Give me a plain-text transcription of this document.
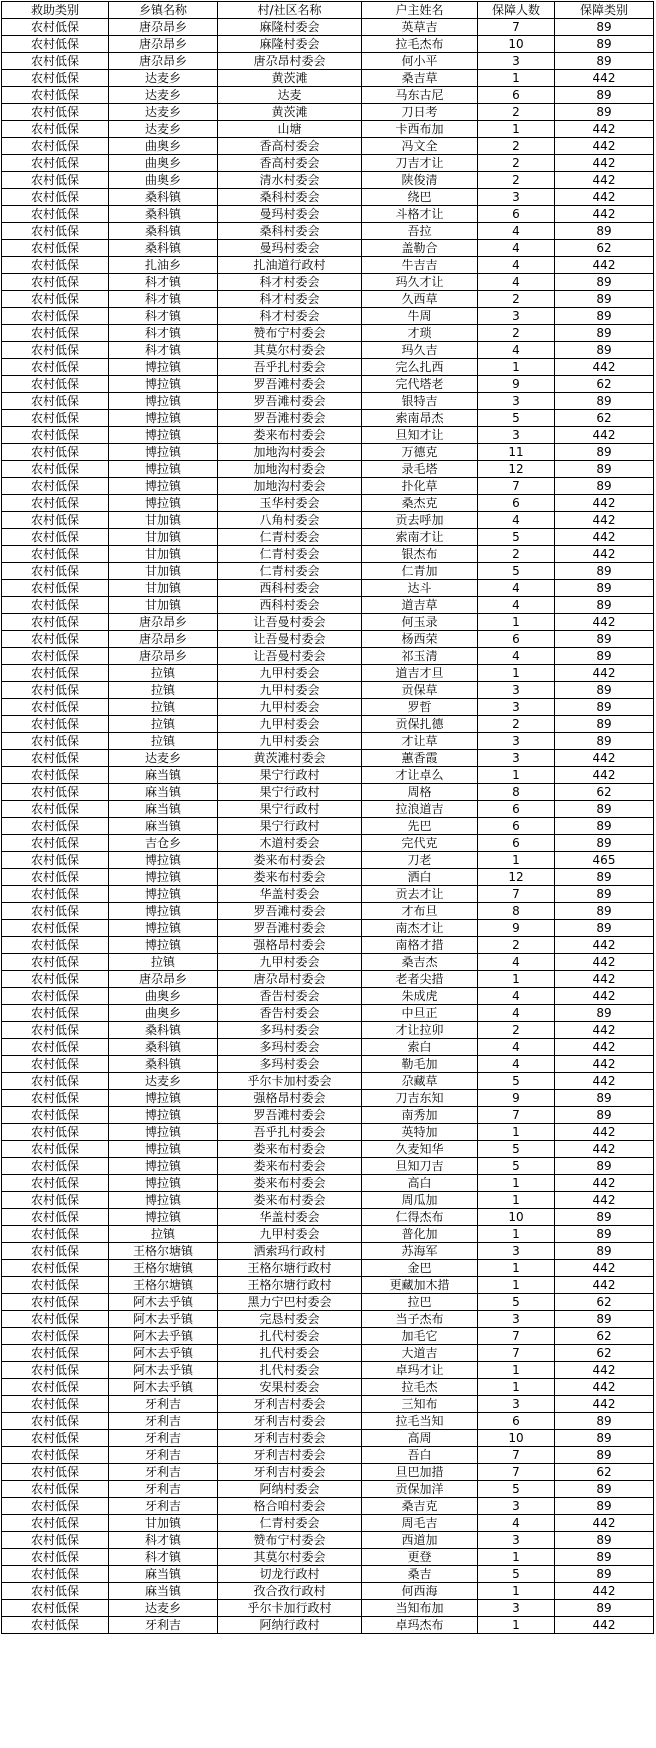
救助类别	乡镇名称	村/社区名称	户主姓名	保障人数	保障类别
农村低保	唐尕昂乡	麻隆村委会	英草吉	7	89
农村低保	唐尕昂乡	麻隆村委会	拉毛杰布	10	89
农村低保	唐尕昂乡	唐尕昂村委会	何小平	3	89
农村低保	达麦乡	黄茨滩	桑吉草	1	442
农村低保	达麦乡	达麦	马东古尼	6	89
农村低保	达麦乡	黄茨滩	刀日考	2	89
农村低保	达麦乡	山塘	卡西布加	1	442
农村低保	曲奥乡	香高村委会	冯文全	2	442
农村低保	曲奥乡	香高村委会	刀吉才让	2	442
农村低保	曲奥乡	清水村委会	陕俊清	2	442
农村低保	桑科镇	桑科村委会	绕巴	3	442
农村低保	桑科镇	曼玛村委会	斗格才让	6	442
农村低保	桑科镇	桑科村委会	吾拉	4	89
农村低保	桑科镇	曼玛村委会	盖勒合	4	62
农村低保	扎油乡	扎油道行政村	牛吉吉	4	442
农村低保	科才镇	科才村委会	玛久才让	4	89
农村低保	科才镇	科才村委会	久西草	2	89
农村低保	科才镇	科才村委会	牛周	3	89
农村低保	科才镇	赞布宁村委会	才琐	2	89
农村低保	科才镇	其莫尔村委会	玛久吉	4	89
农村低保	博拉镇	吾乎扎村委会	完么扎西	1	442
农村低保	博拉镇	罗吾滩村委会	完代塔老	9	62
农村低保	博拉镇	罗吾滩村委会	银特吉	3	89
农村低保	博拉镇	罗吾滩村委会	索南昂杰	5	62
农村低保	博拉镇	娄来布村委会	旦知才让	3	442
农村低保	博拉镇	加地沟村委会	万德克	11	89
农村低保	博拉镇	加地沟村委会	录毛塔	12	89
农村低保	博拉镇	加地沟村委会	扑化草	7	89
农村低保	博拉镇	玉华村委会	桑杰克	6	442
农村低保	甘加镇	八角村委会	贡去呼加	4	442
农村低保	甘加镇	仁青村委会	索南才让	5	442
农村低保	甘加镇	仁青村委会	银杰布	2	442
农村低保	甘加镇	仁青村委会	仁青加	5	89
农村低保	甘加镇	西科村委会	达斗	4	89
农村低保	甘加镇	西科村委会	道吉草	4	89
农村低保	唐尕昂乡	让吾曼村委会	何玉录	1	442
农村低保	唐尕昂乡	让吾曼村委会	杨西荣	6	89
农村低保	唐尕昂乡	让吾曼村委会	祁玉清	4	89
农村低保	拉镇	九甲村委会	道吉才旦	1	442
农村低保	拉镇	九甲村委会	贡保草	3	89
农村低保	拉镇	九甲村委会	罗哲	3	89
农村低保	拉镇	九甲村委会	贡保扎德	2	89
农村低保	拉镇	九甲村委会	才让草	3	89
农村低保	达麦乡	黄茨滩村委会	蕙香霞	3	442
农村低保	麻当镇	果宁行政村	才让卓么	1	442
农村低保	麻当镇	果宁行政村	周格	8	62
农村低保	麻当镇	果宁行政村	拉浪道吉	6	89
农村低保	麻当镇	果宁行政村	先巴	6	89
农村低保	吉仓乡	木道村委会	完代克	6	89
农村低保	博拉镇	娄来布村委会	刀老	1	465
农村低保	博拉镇	娄来布村委会	洒白	12	89
农村低保	博拉镇	华盖村委会	贡去才让	7	89
农村低保	博拉镇	罗吾滩村委会	才布旦	8	89
农村低保	博拉镇	罗吾滩村委会	南杰才让	9	89
农村低保	博拉镇	强格昂村委会	南格才措	2	442
农村低保	拉镇	九甲村委会	桑吉杰	4	442
农村低保	唐尕昂乡	唐尕昂村委会	老者尖措	1	442
农村低保	曲奥乡	香告村委会	朱成虎	4	442
农村低保	曲奥乡	香告村委会	中旦正	4	89
农村低保	桑科镇	多玛村委会	才让拉卯	2	442
农村低保	桑科镇	多玛村委会	索白	4	442
农村低保	桑科镇	多玛村委会	勒毛加	4	442
农村低保	达麦乡	乎尔卡加村委会	尕藏草	5	442
农村低保	博拉镇	强格昂村委会	刀吉东知	9	89
农村低保	博拉镇	罗吾滩村委会	南秀加	7	89
农村低保	博拉镇	吾乎扎村委会	英特加	1	442
农村低保	博拉镇	娄来布村委会	久麦知华	5	442
农村低保	博拉镇	娄来布村委会	旦知刀吉	5	89
农村低保	博拉镇	娄来布村委会	高白	1	442
农村低保	博拉镇	娄来布村委会	周瓜加	1	442
农村低保	博拉镇	华盖村委会	仁得杰布	10	89
农村低保	拉镇	九甲村委会	普化加	1	89
农村低保	王格尔塘镇	洒索玛行政村	苏海军	3	89
农村低保	王格尔塘镇	王格尔塘行政村	金巴	1	442
农村低保	王格尔塘镇	王格尔塘行政村	更藏加木措	1	442
农村低保	阿木去乎镇	黑力宁巴村委会	拉巴	5	62
农村低保	阿木去乎镇	完恳村委会	当子杰布	3	89
农村低保	阿木去乎镇	扎代村委会	加毛它	7	62
农村低保	阿木去乎镇	扎代村委会	大道吉	7	62
农村低保	阿木去乎镇	扎代村委会	卓玛才让	1	442
农村低保	阿木去乎镇	安果村委会	拉毛杰	1	442
农村低保	牙利吉	牙利吉村委会	三知布	3	442
农村低保	牙利吉	牙利吉村委会	拉毛当知	6	89
农村低保	牙利吉	牙利吉村委会	高周	10	89
农村低保	牙利吉	牙利吉村委会	吾白	7	89
农村低保	牙利吉	牙利吉村委会	旦巴加措	7	62
农村低保	牙利吉	阿纳村委会	贡保加洋	5	89
农村低保	牙利吉	格合咱村委会	桑吉克	3	89
农村低保	甘加镇	仁青村委会	周毛吉	4	442
农村低保	科才镇	赞布宁村委会	西道加	3	89
农村低保	科才镇	其莫尔村委会	更登	1	89
农村低保	麻当镇	切龙行政村	桑吉	5	89
农村低保	麻当镇	孜合孜行政村	何西海	1	442
农村低保	达麦乡	乎尔卡加行政村	当知布加	3	89
农村低保	牙利吉	阿纳行政村	卓玛杰布	1	442
